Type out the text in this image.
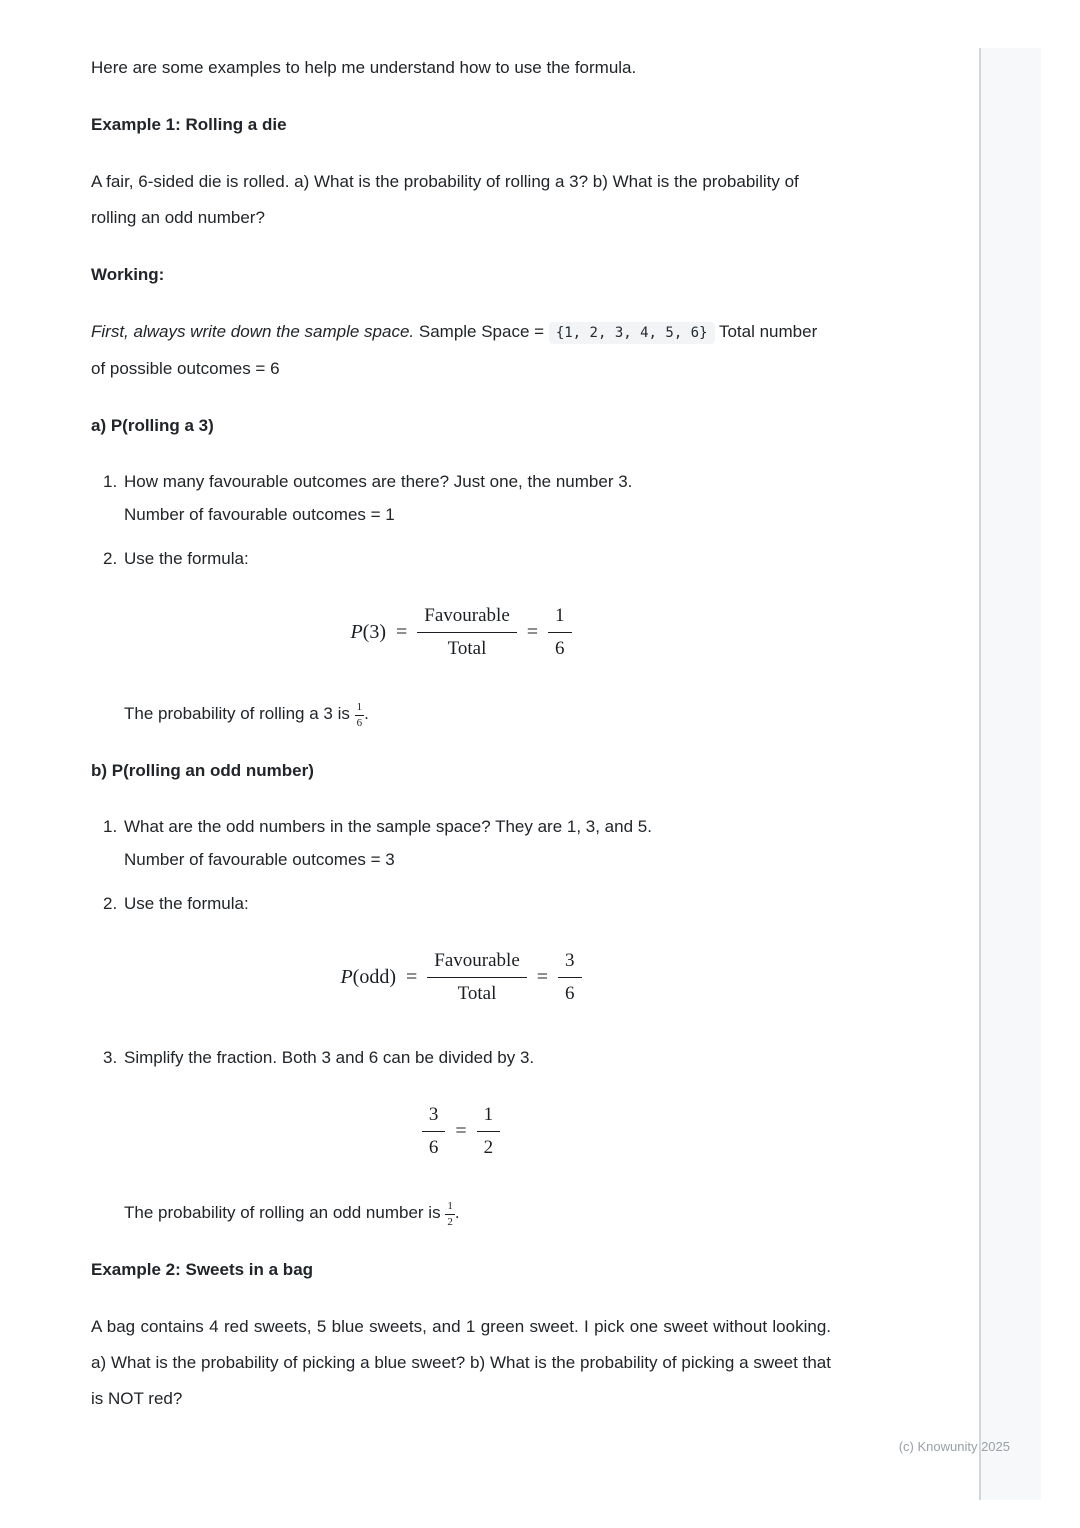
Here are some examples to help me understand how to use the formula.

Example 1: Rolling a die

A fair, 6-sided die is rolled. a) What is the probability of rolling a 3? b) What is the probability of rolling an odd number?

Working:

First, always write down the sample space. Sample Space = {1, 2, 3, 4, 5, 6} Total number of possible outcomes = 6

a) P(rolling a 3)

1. How many favourable outcomes are there? Just one, the number 3.
Number of favourable outcomes = 1
2. Use the formula:
$P(3) = \frac{\text{Favourable}}{\text{Total}} = \frac{1}{6}$

The probability of rolling a 3 is $\frac{1}{6}$ .

b) P(rolling an odd number)

1. What are the odd numbers in the sample space? They are 1, 3, and 5.
Number of favourable outcomes = 3
2. Use the formula:
$P(odd) = \frac{\text{Favourable}}{\text{Total}} = \frac{3}{6}$
3. Simplify the fraction. Both 3 and 6 can be divided by 3.
$\frac{3}{6} = \frac{1}{2}$

The probability of rolling an odd number is $\frac{1}{2}$ .

Example 2: Sweets in a bag

A bag contains 4 red sweets, 5 blue sweets, and 1 green sweet. I pick one sweet without looking. a) What is the probability of picking a blue sweet? b) What is the probability of picking a sweet that is NOT red?

(c) Knowunity 2025
